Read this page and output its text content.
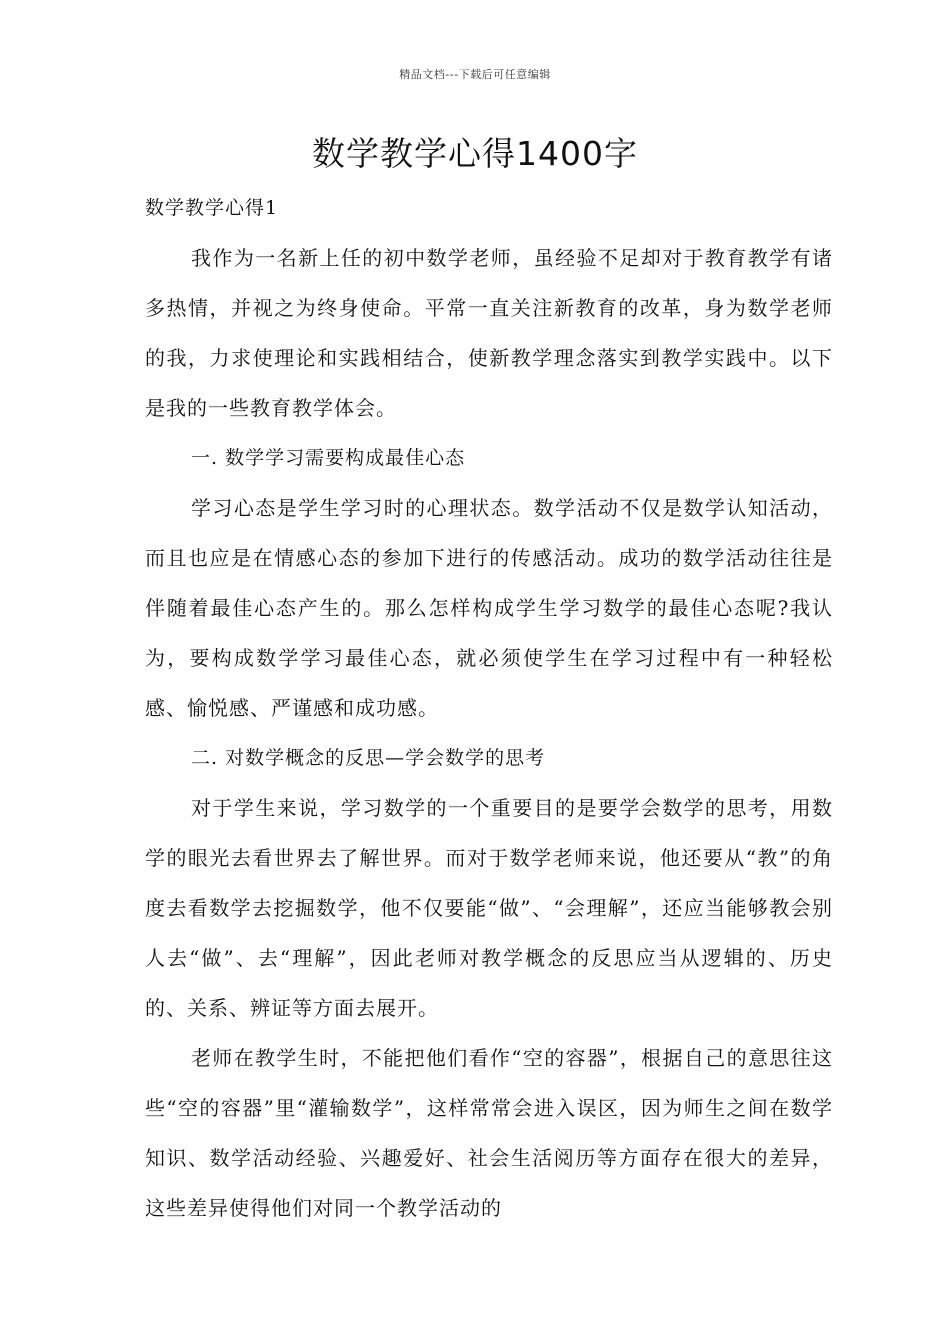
精品文档---下载后可任意编辑
数学教学心得1400字

数学教学心得1

我作为一名新上任的初中数学老师，虽经验不足却对于教育教学有诸多热情，并视之为终身使命。平常一直关注新教育的改革，身为数学老师的我，力求使理论和实践相结合，使新教学理念落实到教学实践中。以下是我的一些教育教学体会。

一. 数学学习需要构成最佳心态

学习心态是学生学习时的心理状态。数学活动不仅是数学认知活动，而且也应是在情感心态的参加下进行的传感活动。成功的数学活动往往是伴随着最佳心态产生的。那么怎样构成学生学习数学的最佳心态呢?我认为，要构成数学学习最佳心态，就必须使学生在学习过程中有一种轻松感、愉悦感、严谨感和成功感。

二. 对数学概念的反思—学会数学的思考

对于学生来说，学习数学的一个重要目的是要学会数学的思考，用数学的眼光去看世界去了解世界。而对于数学老师来说，他还要从“教”的角度去看数学去挖掘数学，他不仅要能“做”、“会理解”，还应当能够教会别人去“做”、去“理解”，因此老师对教学概念的反思应当从逻辑的、历史的、关系、辨证等方面去展开。

老师在教学生时，不能把他们看作“空的容器”，根据自己的意思往这些“空的容器”里“灌输数学”，这样常常会进入误区，因为师生之间在数学知识、数学活动经验、兴趣爱好、社会生活阅历等方面存在很大的差异，这些差异使得他们对同一个教学活动的
